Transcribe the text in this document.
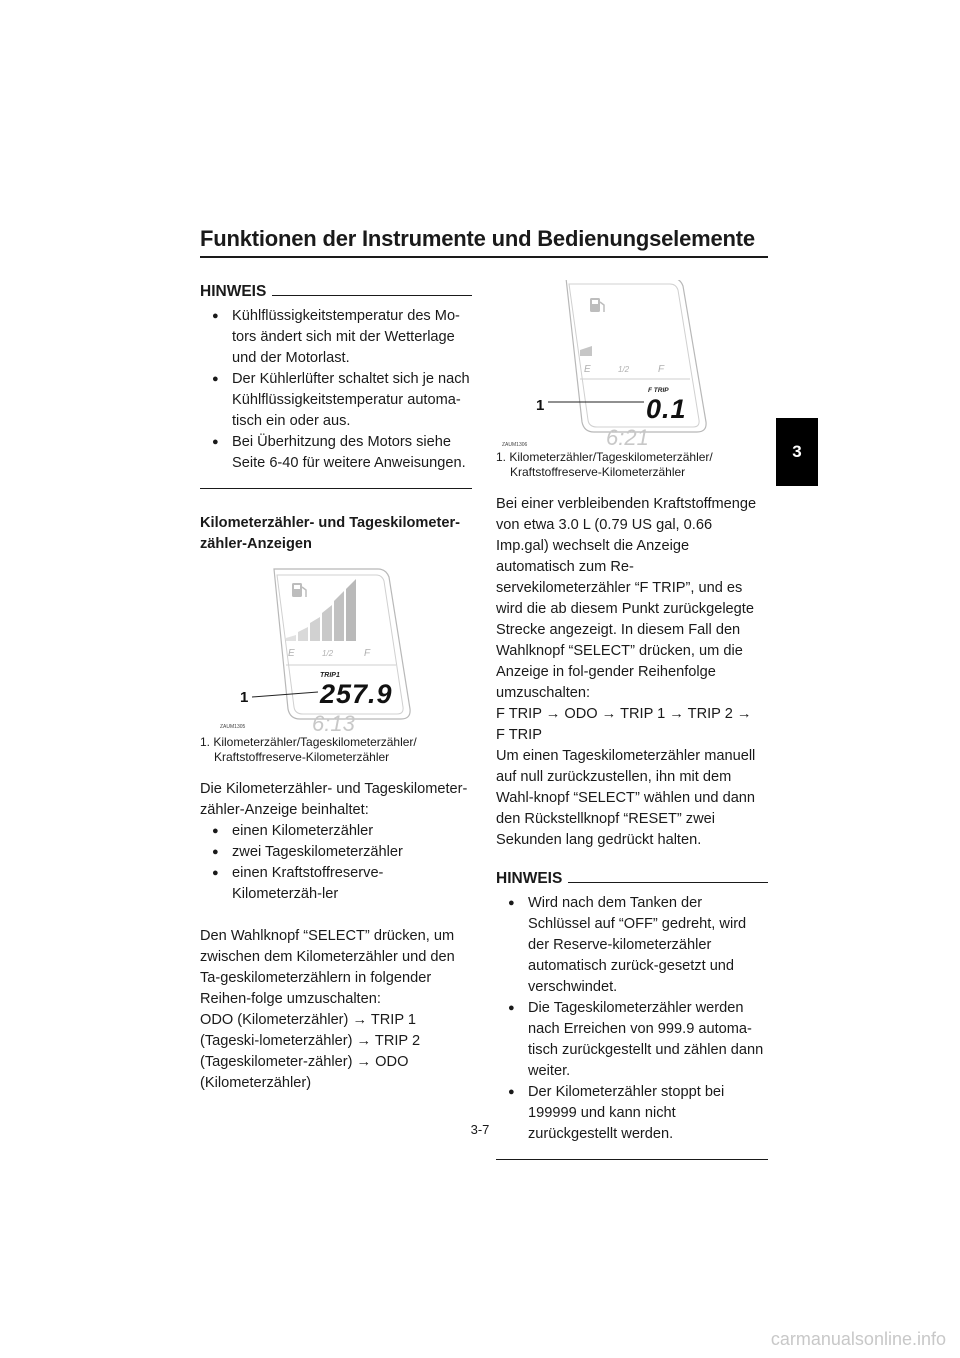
Funktionen der Instrumente und Bedienungselemente
3
HINWEIS
● Kühlflüssigkeitstemperatur des Mo-tors ändert sich mit der Wetterlage und der Motorlast.
● Der Kühlerlüfter schaltet sich je nach Kühlflüssigkeitstemperatur automa-tisch ein oder aus.
● Bei Überhitzung des Motors siehe Seite 6-40 für weitere Anweisungen.
Kilometerzähler- und Tageskilometer-zähler-Anzeigen
E	1/2	F
TRIP1
257.9
6:13
1
ZAUM1305
1. Kilometerzähler/Tageskilometerzähler/
Kraftstoffreserve-Kilometerzähler

Die Kilometerzähler- und Tageskilometer-zähler-Anzeige beinhaltet:

● einen Kilometerzähler
● zwei Tageskilometerzähler
● einen Kraftstoffreserve-Kilometerzäh-ler

Den Wahlknopf “SELECT” drücken, um zwischen dem Kilometerzähler und den Ta-geskilometerzählern in folgender Reihen-folge umzuschalten:

ODO (Kilometerzähler) → TRIP 1 (Tageski-lometerzähler) → TRIP 2 (Tageskilometer-zähler) → ODO (Kilometerzähler)

E	1/2	F
F TRIP
0.1
6:21
1
ZAUM1306
1. Kilometerzähler/Tageskilometerzähler/
Kraftstoffreserve-Kilometerzähler

Bei einer verbleibenden Kraftstoffmenge von etwa 3.0 L (0.79 US gal, 0.66 Imp.gal) wechselt die Anzeige automatisch zum Re-servekilometerzähler “F TRIP”, und es wird die ab diesem Punkt zurückgelegte Strecke angezeigt. In diesem Fall den Wahlknopf “SELECT” drücken, um die Anzeige in fol-gender Reihenfolge umzuschalten:

F TRIP → ODO → TRIP 1 → TRIP 2 →

F TRIP

Um einen Tageskilometerzähler manuell auf null zurückzustellen, ihn mit dem Wahl-knopf “SELECT” wählen und dann den Rückstellknopf “RESET” zwei Sekunden lang gedrückt halten.

HINWEIS
● Wird nach dem Tanken der Schlüssel auf “OFF” gedreht, wird der Reserve-kilometerzähler automatisch zurück-gesetzt und verschwindet.
● Die Tageskilometerzähler werden nach Erreichen von 999.9 automa-tisch zurückgestellt und zählen dann weiter.
● Der Kilometerzähler stoppt bei 199999 und kann nicht zurückgestellt werden.
3-7
carmanualsonline.info
